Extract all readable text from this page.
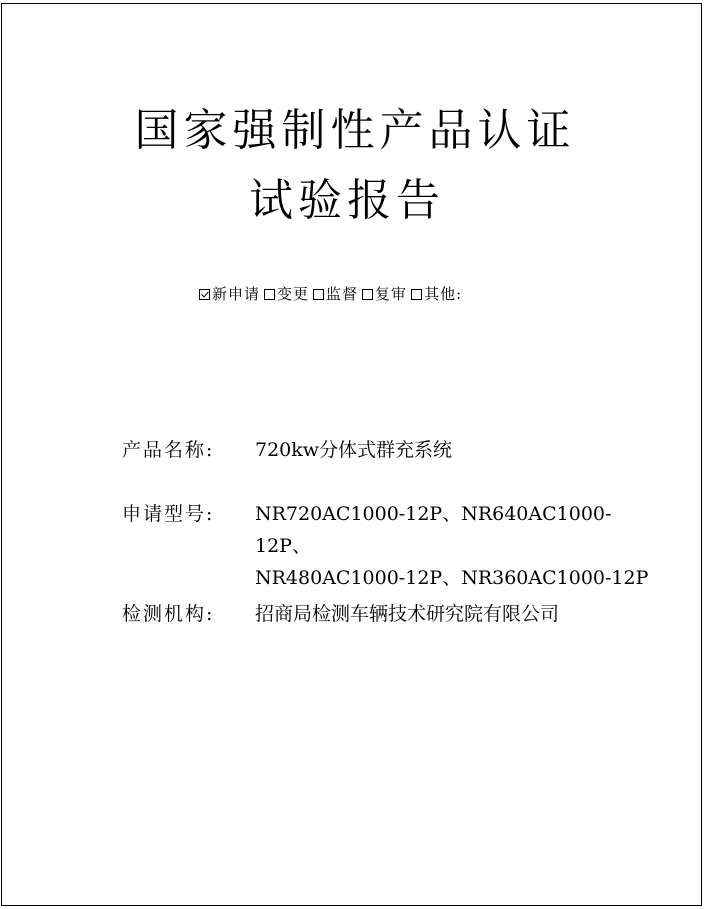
国家强制性产品认证
试验报告
新申请 变更 监督 复审 其他:
产品名称:	720kw分体式群充系统
申请型号:	NR720AC1000-12P、NR640AC1000-12P、
NR480AC1000-12P、NR360AC1000-12P
检测机构:	招商局检测车辆技术研究院有限公司
